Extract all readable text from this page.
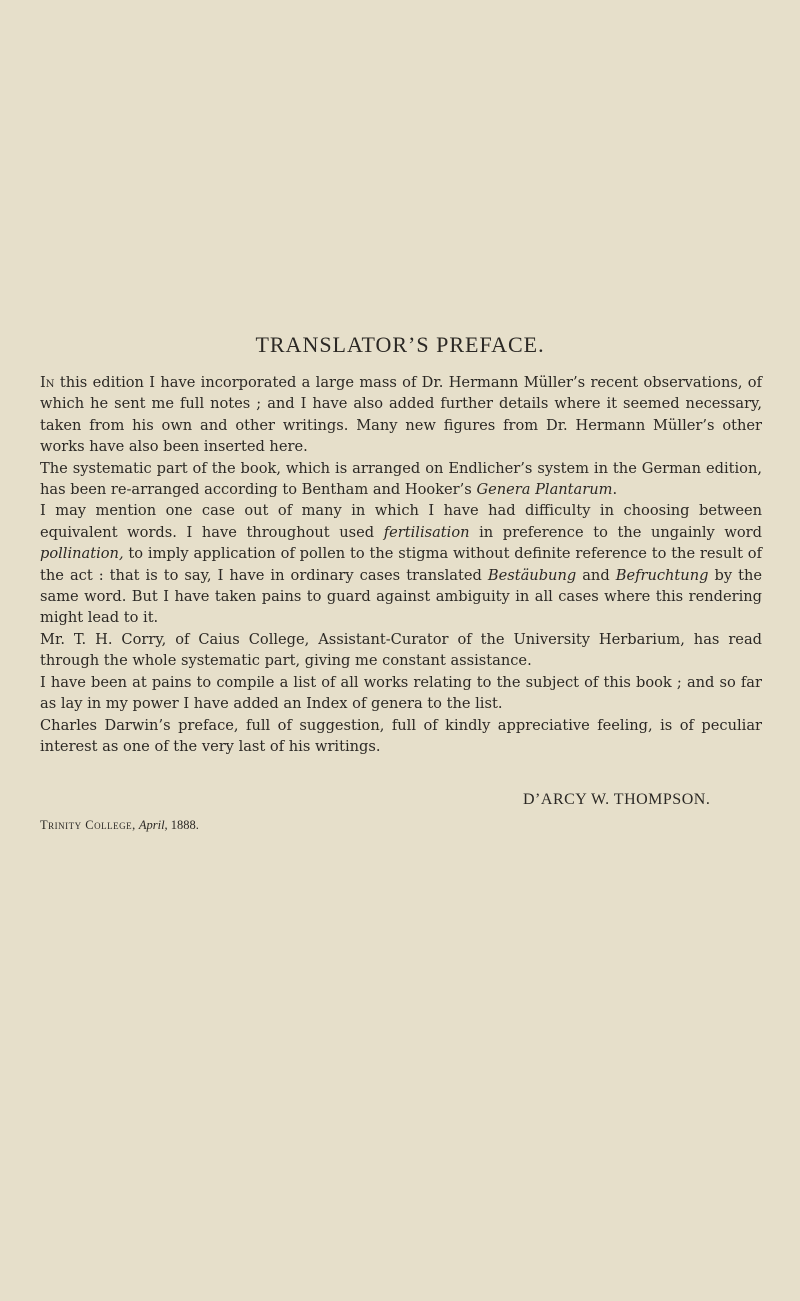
TRANSLATOR’S PREFACE.

In this edition I have incorporated a large mass of Dr. Hermann Müller’s recent observations, of which he sent me full notes ; and I have also added further details where it seemed necessary, taken from his own and other writings. Many new figures from Dr. Hermann Müller’s other works have also been inserted here.

The systematic part of the book, which is arranged on Endlicher’s system in the German edition, has been re-arranged according to Bentham and Hooker’s Genera Plantarum.

I may mention one case out of many in which I have had difficulty in choosing between equivalent words. I have throughout used fertilisation in preference to the ungainly word pollination, to imply application of pollen to the stigma without definite reference to the result of the act : that is to say, I have in ordinary cases translated Bestäubung and Befruchtung by the same word. But I have taken pains to guard against ambiguity in all cases where this rendering might lead to it.

Mr. T. H. Corry, of Caius College, Assistant-Curator of the University Herbarium, has read through the whole systematic part, giving me constant assistance.

I have been at pains to compile a list of all works relating to the subject of this book ; and so far as lay in my power I have added an Index of genera to the list.

Charles Darwin’s preface, full of suggestion, full of kindly appreciative feeling, is of peculiar interest as one of the very last of his writings.

D’ARCY W. THOMPSON.
Trinity College, April, 1888.
